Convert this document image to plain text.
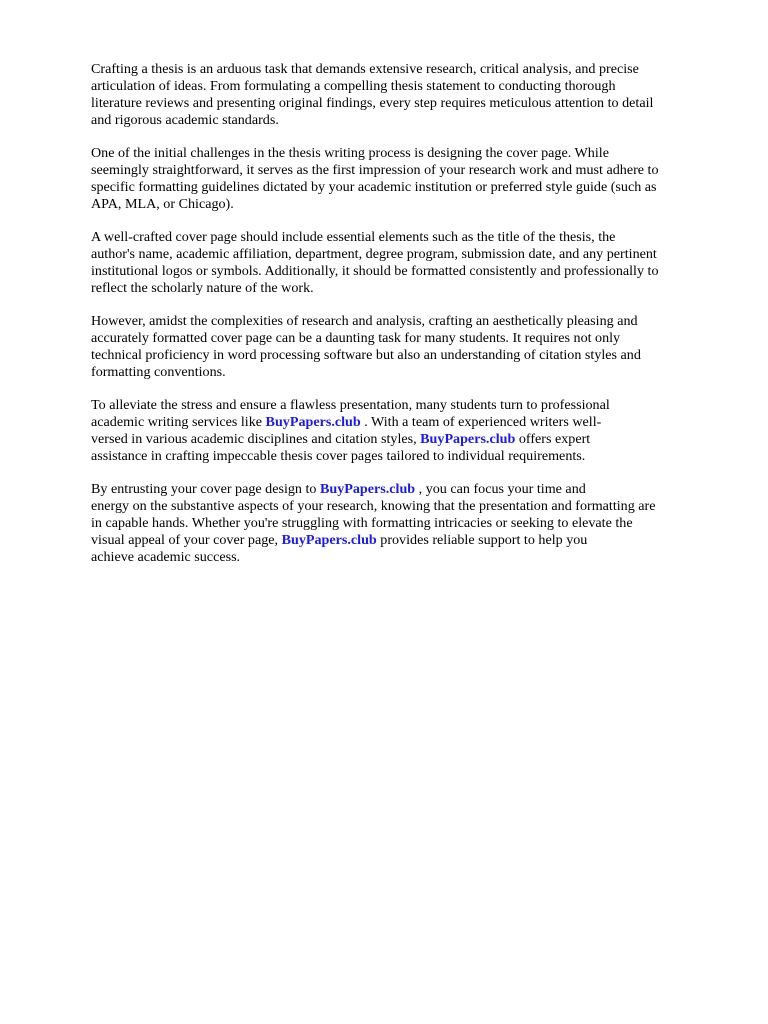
Crafting a thesis is an arduous task that demands extensive research, critical analysis, and precise
articulation of ideas. From formulating a compelling thesis statement to conducting thorough
literature reviews and presenting original findings, every step requires meticulous attention to detail
and rigorous academic standards.

One of the initial challenges in the thesis writing process is designing the cover page. While
seemingly straightforward, it serves as the first impression of your research work and must adhere to
specific formatting guidelines dictated by your academic institution or preferred style guide (such as
APA, MLA, or Chicago).

A well-crafted cover page should include essential elements such as the title of the thesis, the
author's name, academic affiliation, department, degree program, submission date, and any pertinent
institutional logos or symbols. Additionally, it should be formatted consistently and professionally to
reflect the scholarly nature of the work.

However, amidst the complexities of research and analysis, crafting an aesthetically pleasing and
accurately formatted cover page can be a daunting task for many students. It requires not only
technical proficiency in word processing software but also an understanding of citation styles and
formatting conventions.

To alleviate the stress and ensure a flawless presentation, many students turn to professional
academic writing services like BuyPapers.club . With a team of experienced writers well-
versed in various academic disciplines and citation styles, BuyPapers.club offers expert
assistance in crafting impeccable thesis cover pages tailored to individual requirements.

By entrusting your cover page design to BuyPapers.club , you can focus your time and
energy on the substantive aspects of your research, knowing that the presentation and formatting are
in capable hands. Whether you're struggling with formatting intricacies or seeking to elevate the
visual appeal of your cover page, BuyPapers.club provides reliable support to help you
achieve academic success.
